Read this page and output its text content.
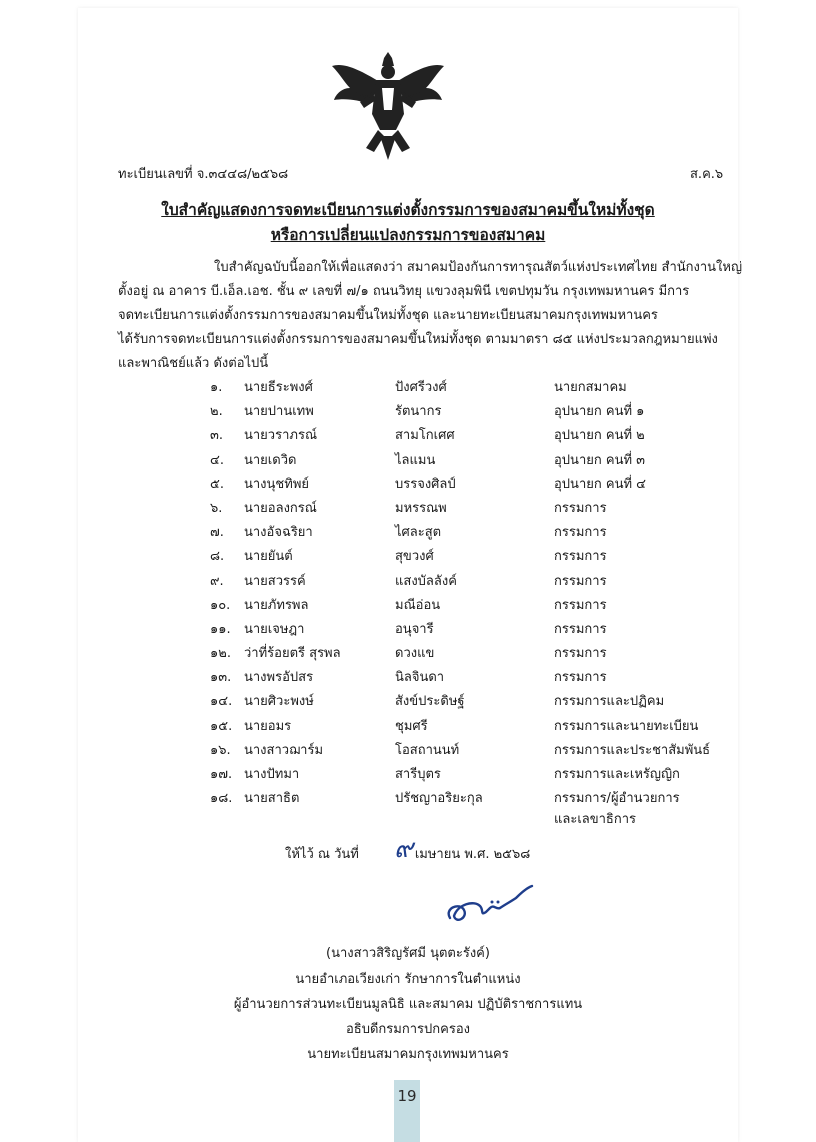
ทะเบียนเลขที่ จ.๓๔๔๘/๒๕๖๘	ส.ค.๖
ใบสำคัญแสดงการจดทะเบียนการแต่งตั้งกรรมการของสมาคมขึ้นใหม่ทั้งชุด
หรือการเปลี่ยนแปลงกรรมการของสมาคม
ใบสำคัญฉบับนี้ออกให้เพื่อแสดงว่า สมาคมป้องกันการทารุณสัตว์แห่งประเทศไทย สำนักงานใหญ่
ตั้งอยู่ ณ อาคาร บี.เอ็ล.เอช. ชั้น ๙ เลขที่ ๗/๑ ถนนวิทยุ แขวงลุมพินี เขตปทุมวัน กรุงเทพมหานคร มีการ
จดทะเบียนการแต่งตั้งกรรมการของสมาคมขึ้นใหม่ทั้งชุด และนายทะเบียนสมาคมกรุงเทพมหานคร
ได้รับการจดทะเบียนการแต่งตั้งกรรมการของสมาคมขึ้นใหม่ทั้งชุด ตามมาตรา ๘๕ แห่งประมวลกฎหมายแพ่ง
และพาณิชย์แล้ว ดังต่อไปนี้
๑. นายธีระพงศ์	ปังศรีวงศ์	นายกสมาคม
๒. นายปานเทพ	รัตนากร	อุปนายก คนที่ ๑
๓. นายวราภรณ์	สามโกเศศ	อุปนายก คนที่ ๒
๔. นายเดวิด	ไลแมน	อุปนายก คนที่ ๓
๕. นางนุชทิพย์	บรรจงศิลป์	อุปนายก คนที่ ๔
๖. นายอลงกรณ์	มหรรณพ	กรรมการ
๗. นางอัจฉริยา	ไศละสูต	กรรมการ
๘. นายยันต์	สุขวงศ์	กรรมการ
๙. นายสวรรค์	แสงบัลลังค์	กรรมการ
๑๐. นายภัทรพล	มณีอ่อน	กรรมการ
๑๑. นายเจษฎา	อนุจารี	กรรมการ
๑๒. ว่าที่ร้อยตรี สุรพล	ดวงแข	กรรมการ
๑๓. นางพรอัปสร	นิลจินดา	กรรมการ
๑๔. นายศิวะพงษ์	สังข์ประดิษฐ์	กรรมการและปฏิคม
๑๕. นายอมร	ชุมศรี	กรรมการและนายทะเบียน
๑๖. นางสาวฌาร์ม	โอสถานนท์	กรรมการและประชาสัมพันธ์
๑๗. นางปัทมา	สารีบุตร	กรรมการและเหรัญญิก
๑๘. นายสาธิต	ปรัชญาอริยะกุล	กรรมการ/ผู้อำนวยการ
และเลขาธิการ
ให้ไว้ ณ วันที่	เมษายน พ.ศ. ๒๕๖๘
๙
(นางสาวสิริญรัศมี นุตตะรังค์)
นายอำเภอเวียงเก่า รักษาการในตำแหน่ง
ผู้อำนวยการส่วนทะเบียนมูลนิธิ และสมาคม ปฏิบัติราชการแทน
อธิบดีกรมการปกครอง
นายทะเบียนสมาคมกรุงเทพมหานคร
19
